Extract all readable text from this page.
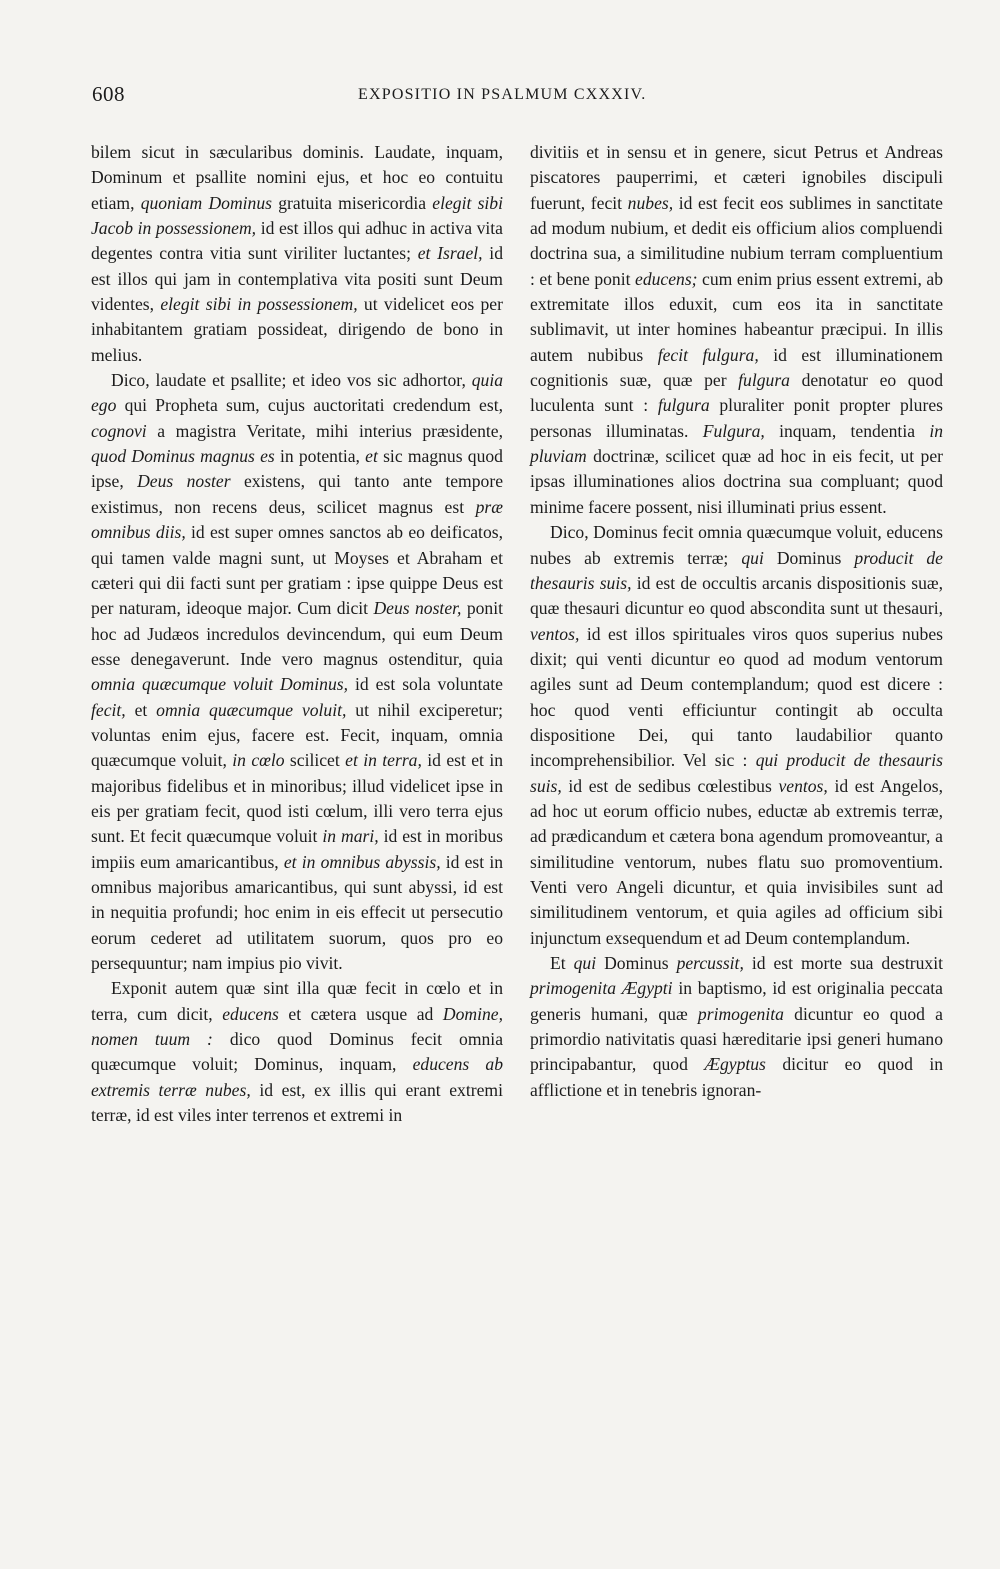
608	EXPOSITIO IN PSALMUM CXXXIV.

bilem sicut in sæcularibus dominis. Laudate, inquam, Dominum et psallite nomini ejus, et hoc eo contuitu etiam, quoniam Dominus gratuita misericordia elegit sibi Jacob in possessionem, id est illos qui adhuc in activa vita degentes contra vitia sunt viriliter luctantes; et Israel, id est illos qui jam in contemplativa vita positi sunt Deum videntes, elegit sibi in possessionem, ut videlicet eos per inhabitantem gratiam possideat, dirigendo de bono in melius.

Dico, laudate et psallite; et ideo vos sic adhortor, quia ego qui Propheta sum, cujus auctoritati credendum est, cognovi a magistra Veritate, mihi interius præsidente, quod Dominus magnus es in potentia, et sic magnus quod ipse, Deus noster existens, qui tanto ante tempore existimus, non recens deus, scilicet magnus est præ omnibus diis, id est super omnes sanctos ab eo deificatos, qui tamen valde magni sunt, ut Moyses et Abraham et cæteri qui dii facti sunt per gratiam : ipse quippe Deus est per naturam, ideoque major. Cum dicit Deus noster, ponit hoc ad Judæos incredulos devincendum, qui eum Deum esse denegaverunt. Inde vero magnus ostenditur, quia omnia quæcumque voluit Dominus, id est sola voluntate fecit, et omnia quæcumque voluit, ut nihil exciperetur; voluntas enim ejus, facere est. Fecit, inquam, omnia quæcumque voluit, in cœlo scilicet et in terra, id est et in majoribus fidelibus et in minoribus; illud videlicet ipse in eis per gratiam fecit, quod isti cœlum, illi vero terra ejus sunt. Et fecit quæcumque voluit in mari, id est in moribus impiis eum amaricantibus, et in omnibus abyssis, id est in omnibus majoribus amaricantibus, qui sunt abyssi, id est in nequitia profundi; hoc enim in eis effecit ut persecutio eorum cederet ad utilitatem suorum, quos pro eo persequuntur; nam impius pio vivit.

Exponit autem quæ sint illa quæ fecit in cœlo et in terra, cum dicit, educens et cætera usque ad Domine, nomen tuum : dico quod Dominus fecit omnia quæcumque voluit; Dominus, inquam, educens ab extremis terræ nubes, id est, ex illis qui erant extremi terræ, id est viles inter terrenos et extremi in

divitiis et in sensu et in genere, sicut Petrus et Andreas piscatores pauperrimi, et cæteri ignobiles discipuli fuerunt, fecit nubes, id est fecit eos sublimes in sanctitate ad modum nubium, et dedit eis officium alios compluendi doctrina sua, a similitudine nubium terram compluentium : et bene ponit educens; cum enim prius essent extremi, ab extremitate illos eduxit, cum eos ita in sanctitate sublimavit, ut inter homines habeantur præcipui. In illis autem nubibus fecit fulgura, id est illuminationem cognitionis suæ, quæ per fulgura denotatur eo quod luculenta sunt : fulgura pluraliter ponit propter plures personas illuminatas. Fulgura, inquam, tendentia in pluviam doctrinæ, scilicet quæ ad hoc in eis fecit, ut per ipsas illuminationes alios doctrina sua compluant; quod minime facere possent, nisi illuminati prius essent.

Dico, Dominus fecit omnia quæcumque voluit, educens nubes ab extremis terræ; qui Dominus producit de thesauris suis, id est de occultis arcanis dispositionis suæ, quæ thesauri dicuntur eo quod abscondita sunt ut thesauri, ventos, id est illos spirituales viros quos superius nubes dixit; qui venti dicuntur eo quod ad modum ventorum agiles sunt ad Deum contemplandum; quod est dicere : hoc quod venti efficiuntur contingit ab occulta dispositione Dei, qui tanto laudabilior quanto incomprehensibilior. Vel sic : qui producit de thesauris suis, id est de sedibus cœlestibus ventos, id est Angelos, ad hoc ut eorum officio nubes, eductæ ab extremis terræ, ad prædicandum et cætera bona agendum promoveantur, a similitudine ventorum, nubes flatu suo promoventium. Venti vero Angeli dicuntur, et quia invisibiles sunt ad similitudinem ventorum, et quia agiles ad officium sibi injunctum exsequendum et ad Deum contemplandum.

Et qui Dominus percussit, id est morte sua destruxit primogenita Ægypti in baptismo, id est originalia peccata generis humani, quæ primogenita dicuntur eo quod a primordio nativitatis quasi hæreditarie ipsi generi humano principabantur, quod Ægyptus dicitur eo quod in afflictione et in tenebris ignoran-
